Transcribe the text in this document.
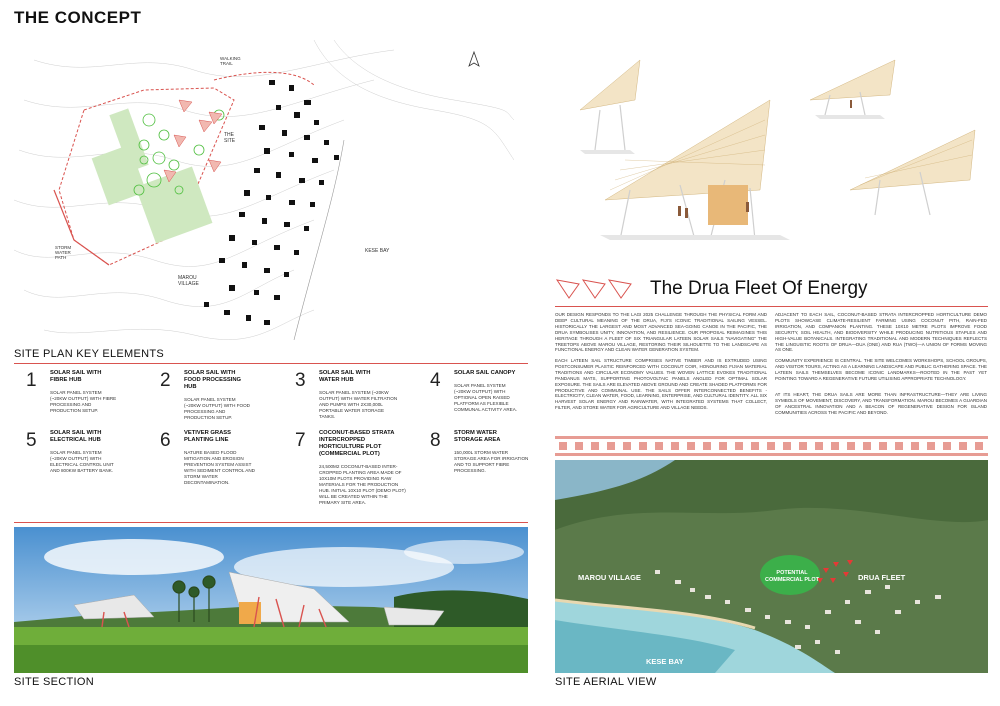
THE CONCEPT
WALKING TRAIL
THE SITE
STORM WATER PATH
MAROU VILLAGE
KESE BAY
SITE PLAN KEY ELEMENTS
1 SOLAR SAIL WITH FIBRE HUB
SOLAR PANEL SYSTEM (~20KW OUTPUT) WITH FIBRE PROCESSING AND PRODUCTION SETUP.
2 SOLAR SAIL WITH FOOD PROCESSING HUB
SOLAR PANEL SYSTEM (~20KW OUTPUT) WITH FOOD PROCESSING AND PRODUCTION SETUP.
3 SOLAR SAIL WITH WATER HUB
SOLAR PANEL SYSTEM (~20KW OUTPUT) WITH WATER FILTRATION AND PUMPS WITH 2X30,000L PORTABLE WATER STORAGE TANKS.
4 SOLAR SAIL CANOPY
SOLAR PANEL SYSTEM (~20KW OUTPUT) WITH OPTIONAL OPEN RAISED PLATFORM AS FLEXIBLE COMMUNAL ACTIVITY AREA.
5 SOLAR SAIL WITH ELECTRICAL HUB
SOLAR PANEL SYSTEM (~20KW OUTPUT) WITH ELECTRICAL CONTROL UNIT AND 800KW BATTERY BANK.
6 VETIVER GRASS PLANTING LINE
NATURE BASED FLOOD MITIGATION AND EROSION PREVENTION SYSTEM ASSIST WITH SEDIMENT CONTROL AND STORM WATER DECONTAMINATION.
7 COCONUT-BASED STRATA INTERCROPPED HORTICULTURE PLOT (COMMERCIAL PLOT)
24,500M2 COCONUT-BASED INTER-CROPPED PLANTING AREA MADE OF 10X10M PLOTS PROVIDING RAW MATERIALS FOR THE PRODUCTION HUB. INITIAL 10X10 PLOT (DEMO PLOT) WILL BE CREATED WITHIN THE PRIMARY SITE AREA.
8 STORM WATER STORAGE AREA
150,000L STORM WATER STORAGE AREA FOR IRRIGATION AND TO SUPPORT FIBRE PROCESSING.
SITE SECTION
The Drua Fleet Of Energy
OUR DESIGN RESPONDS TO THE LAGI 2025 CHALLENGE THROUGH THE PHYSICAL FORM AND DEEP CULTURAL MEANING OF THE DRUA, FIJI'S ICONIC TRADITIONAL SAILING VESSEL. HISTORICALLY THE LARGEST AND MOST ADVANCED SEA-GOING CANOE IN THE PACIFIC, THE DRUA SYMBOLISES UNITY, INNOVATION, AND RESILIENCE. OUR PROPOSAL REIMAGINES THIS HERITAGE THROUGH A FLEET OF SIX TRIANGULAR LATEEN SOLAR SAILS "NAVIGATING" THE TREETOPS ABOVE MAROU VILLAGE, RESTORING THEIR SILHOUETTE TO THE LANDSCAPE AS FUNCTIONAL ENERGY AND CLEAN WATER GENERATION SYSTEM.
EACH LATEEN SAIL STRUCTURE COMPRISES NATIVE TIMBER AND IS EXTRUDED USING POSTCONSUMER PLASTIC REINFORCED WITH COCONUT COIR, HONOURING FIJIAN MATERIAL TRADITIONS AND CIRCULAR ECONOMY VALUES. THE WOVEN LATTICE EVOKES TRADITIONAL PANDANUS MATS, SUPPORTING PHOTOVOLTAIC PANELS ANGLED FOR OPTIMAL SOLAR EXPOSURE. THE SAILS ARE ELEVATED ABOVE GROUND AND CREATE SHADED PLATFORMS FOR PRODUCTIVE AND COMMUNAL USE. THE SAILS OFFER INTERCONNECTED BENEFITS - ELECTRICITY, CLEAN WATER, FOOD, LEARNING, ENTERPRISE, AND CULTURAL IDENTITY. ALL SIX HARVEST SOLAR ENERGY AND RAINWATER, WITH INTEGRATED SYSTEMS THAT COLLECT, FILTER, AND STORE WATER FOR AGRICULTURE AND VILLAGE NEEDS.
ADJACENT TO EACH SAIL, COCONUT-BASED STRATA INTERCROPPED HORTICULTURE DEMO PLOTS SHOWCASE CLIMATE-RESILIENT FARMING USING COCONUT PITH, RAIN-FED IRRIGATION, AND COMPANION PLANTING. THESE 10X10 METRE PLOTS IMPROVE FOOD SECURITY, SOIL HEALTH, AND BIODIVERSITY WHILE PRODUCING NUTRITIOUS STAPLES AND HIGH-VALUE BOTANICALS. INTEGRATING TRADITIONAL AND MODERN TECHNIQUES REFLECTS THE LINGUISTIC ROOTS OF DRUA—DUA (ONE) AND RUA (TWO)—A UNION OF FORMS MOVING AS ONE.
COMMUNITY EXPERIENCE IS CENTRAL. THE SITE WELCOMES WORKSHOPS, SCHOOL GROUPS, AND VISITOR TOURS, ACTING AS A LEARNING LANDSCAPE AND PUBLIC GATHERING SPACE. THE LATEEN SAILS THEMSELVES BECOME ICONIC LANDMARKS—ROOTED IN THE PAST YET POINTING TOWARD A REGENERATIVE FUTURE UTILISING APPROPRIATE TECHNOLOGY.
AT ITS HEART, THE DRUA SAILS ARE MORE THAN INFRASTRUCTURE—THEY ARE LIVING SYMBOLS OF MOVEMENT, DISCOVERY, AND TRANSFORMATION. MAROU BECOMES A GUARDIAN OF ANCESTRAL INNOVATION AND A BEACON OF REGENERATIVE DESIGN FOR ISLAND COMMUNITIES ACROSS THE PACIFIC AND BEYOND.
MAROU VILLAGE	POTENTIAL COMMERCIAL PLOT	DRUA FLEET
KESE BAY
SITE AERIAL VIEW
